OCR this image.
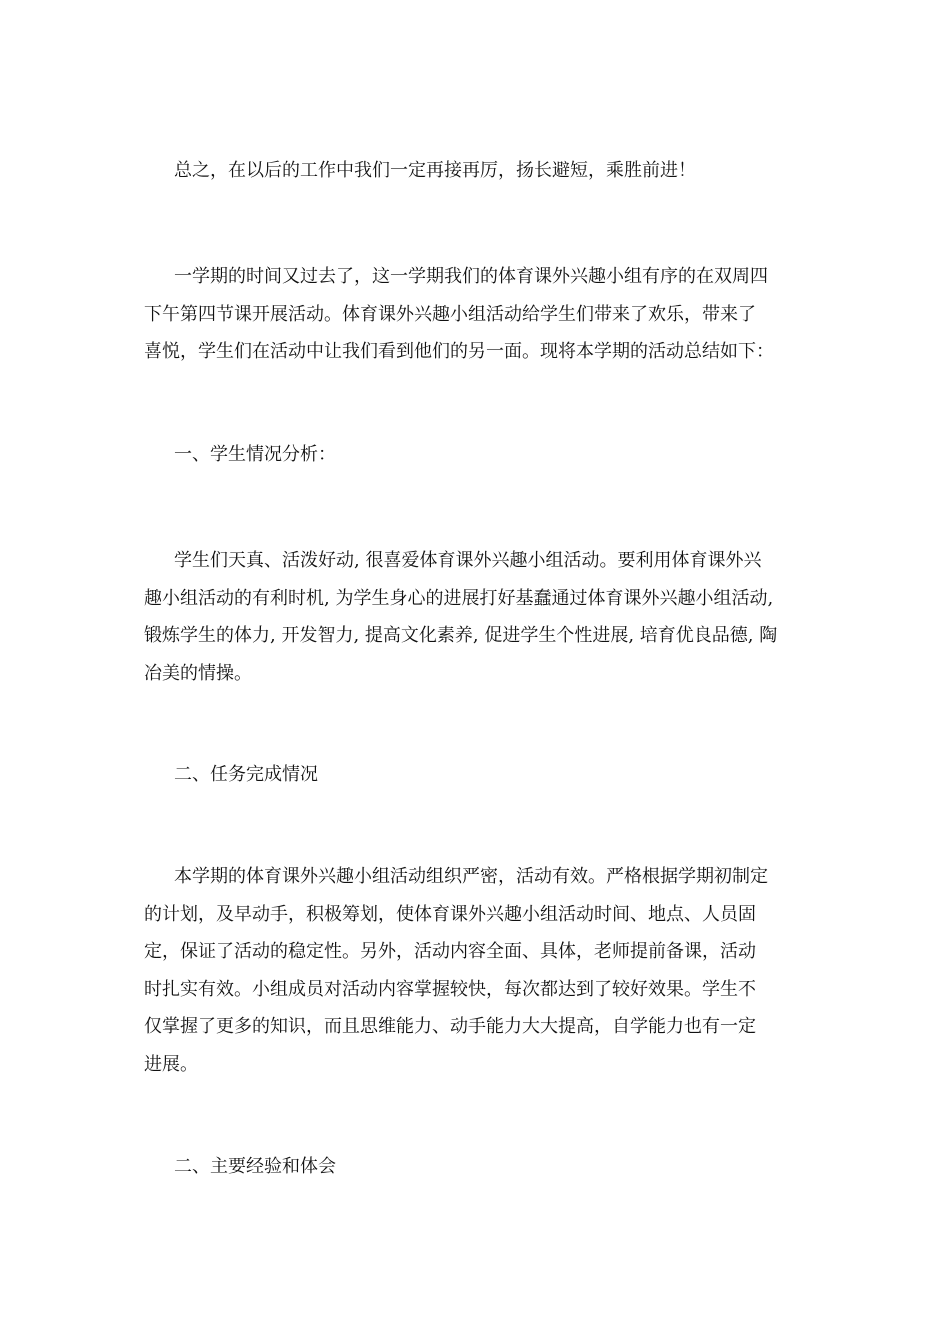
总之，在以后的工作中我们一定再接再厉，扬长避短，乘胜前进！

一学期的时间又过去了，这一学期我们的体育课外兴趣小组有序的在双周四
下午第四节课开展活动。体育课外兴趣小组活动给学生们带来了欢乐，带来了
喜悦，学生们在活动中让我们看到他们的另一面。现将本学期的活动总结如下：

一、学生情况分析：

学生们天真、活泼好动, 很喜爱体育课外兴趣小组活动。要利用体育课外兴
趣小组活动的有利时机, 为学生身心的进展打好基蠢通过体育课外兴趣小组活动,
锻炼学生的体力, 开发智力, 提高文化素养, 促进学生个性进展, 培育优良品德, 陶
冶美的情操。

二、任务完成情况

本学期的体育课外兴趣小组活动组织严密，活动有效。严格根据学期初制定
的计划，及早动手，积极筹划，使体育课外兴趣小组活动时间、地点、人员固
定，保证了活动的稳定性。另外，活动内容全面、具体，老师提前备课，活动
时扎实有效。小组成员对活动内容掌握较快，每次都达到了较好效果。学生不
仅掌握了更多的知识，而且思维能力、动手能力大大提高，自学能力也有一定
进展。

二、主要经验和体会
